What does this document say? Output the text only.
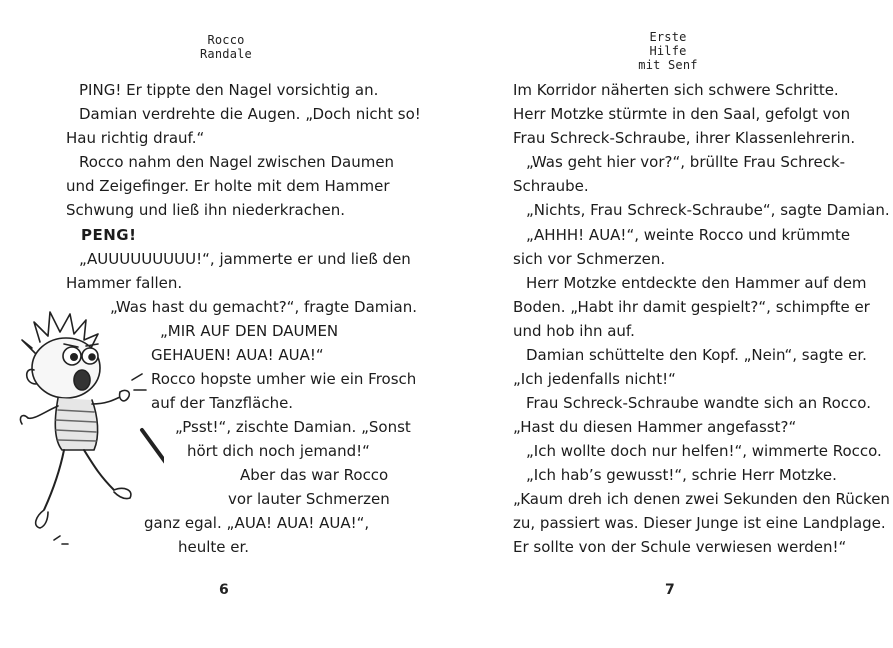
Rocco
Randale
PING! Er tippte den Nagel vorsichtig an.
Damian verdrehte die Augen. „Doch nicht so!
Hau richtig drauf.“
Rocco nahm den Nagel zwischen Daumen
und Zeigefinger. Er holte mit dem Hammer
Schwung und ließ ihn niederkrachen.
PENG!
„AUUUUUUUUU!“, jammerte er und ließ den
Hammer fallen.
„Was hast du gemacht?“, fragte Damian.
„MIR AUF DEN DAUMEN
GEHAUEN! AUA! AUA!“
Rocco hopste umher wie ein Frosch
auf der Tanzfläche.
„Psst!“, zischte Damian. „Sonst
hört dich noch jemand!“
Aber das war Rocco
vor lauter Schmerzen
ganz egal. „AUA! AUA! AUA!“,
heulte er.
6
Erste Hilfe
mit Senf
Im Korridor näherten sich schwere Schritte.
Herr Motzke stürmte in den Saal, gefolgt von
Frau Schreck-Schraube, ihrer Klassenlehrerin.
„Was geht hier vor?“, brüllte Frau Schreck-
Schraube.
„Nichts, Frau Schreck-Schraube“, sagte Damian.
„AHHH! AUA!“, weinte Rocco und krümmte
sich vor Schmerzen.
Herr Motzke entdeckte den Hammer auf dem
Boden. „Habt ihr damit gespielt?“, schimpfte er
und hob ihn auf.
Damian schüttelte den Kopf. „Nein“, sagte er.
„Ich jedenfalls nicht!“
Frau Schreck-Schraube wandte sich an Rocco.
„Hast du diesen Hammer angefasst?“
„Ich wollte doch nur helfen!“, wimmerte Rocco.
„Ich hab’s gewusst!“, schrie Herr Motzke.
„Kaum dreh ich denen zwei Sekunden den Rücken
zu, passiert was. Dieser Junge ist eine Landplage.
Er sollte von der Schule verwiesen werden!“
7
